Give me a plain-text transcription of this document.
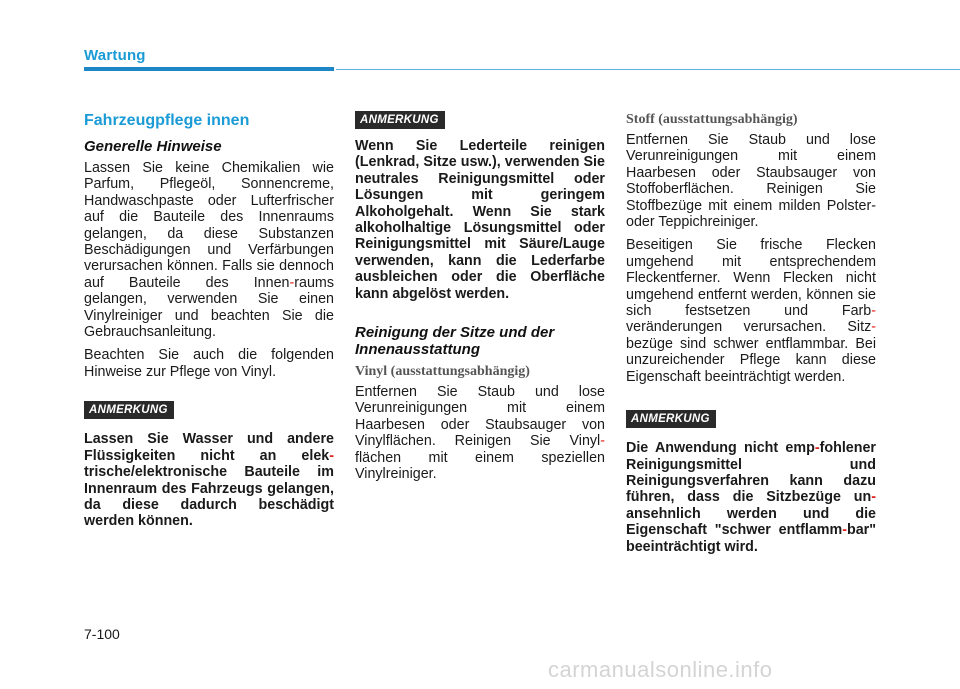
Wartung
Fahrzeugpflege innen
Generelle Hinweise

Lassen Sie keine Chemikalien wie Parfum, Pflegeöl, Sonnencreme, Handwaschpaste oder Lufterfrischer auf die Bauteile des Innenraums gelangen, da diese Substanzen Beschädigungen und Verfärbungen verursachen können. Falls sie dennoch auf Bauteile des Innen-raums gelangen, verwenden Sie einen Vinylreiniger und beachten Sie die Gebrauchsanleitung.

Beachten Sie auch die folgenden Hinweise zur Pflege von Vinyl.

ANMERKUNG

Lassen Sie Wasser und andere Flüssigkeiten nicht an elek-trische/elektronische Bauteile im Innenraum des Fahrzeugs gelangen, da diese dadurch beschädigt werden können.

ANMERKUNG

Wenn Sie Lederteile reinigen (Lenkrad, Sitze usw.), verwenden Sie neutrales Reinigungsmittel oder Lösungen mit geringem Alkoholgehalt. Wenn Sie stark alkoholhaltige Lösungsmittel oder Reinigungsmittel mit Säure/Lauge verwenden, kann die Lederfarbe ausbleichen oder die Oberfläche kann abgelöst werden.

Reinigung der Sitze und der Innenausstattung
Vinyl (ausstattungsabhängig)

Entfernen Sie Staub und lose Verunreinigungen mit einem Haarbesen oder Staubsauger von Vinylflächen. Reinigen Sie Vinyl-flächen mit einem speziellen Vinylreiniger.

Stoff (ausstattungsabhängig)

Entfernen Sie Staub und lose Verunreinigungen mit einem Haarbesen oder Staubsauger von Stoffoberflächen. Reinigen Sie Stoffbezüge mit einem milden Polster- oder Teppichreiniger.

Beseitigen Sie frische Flecken umgehend mit entsprechendem Fleckentferner. Wenn Flecken nicht umgehend entfernt werden, können sie sich festsetzen und Farb-veränderungen verursachen. Sitz-bezüge sind schwer entflammbar. Bei unzureichender Pflege kann diese Eigenschaft beeinträchtigt werden.

ANMERKUNG

Die Anwendung nicht emp-fohlener Reinigungsmittel und Reinigungsverfahren kann dazu führen, dass die Sitzbezüge un-ansehnlich werden und die Eigenschaft "schwer entflamm-bar" beeinträchtigt wird.

7-100
carmanualsonline.info
